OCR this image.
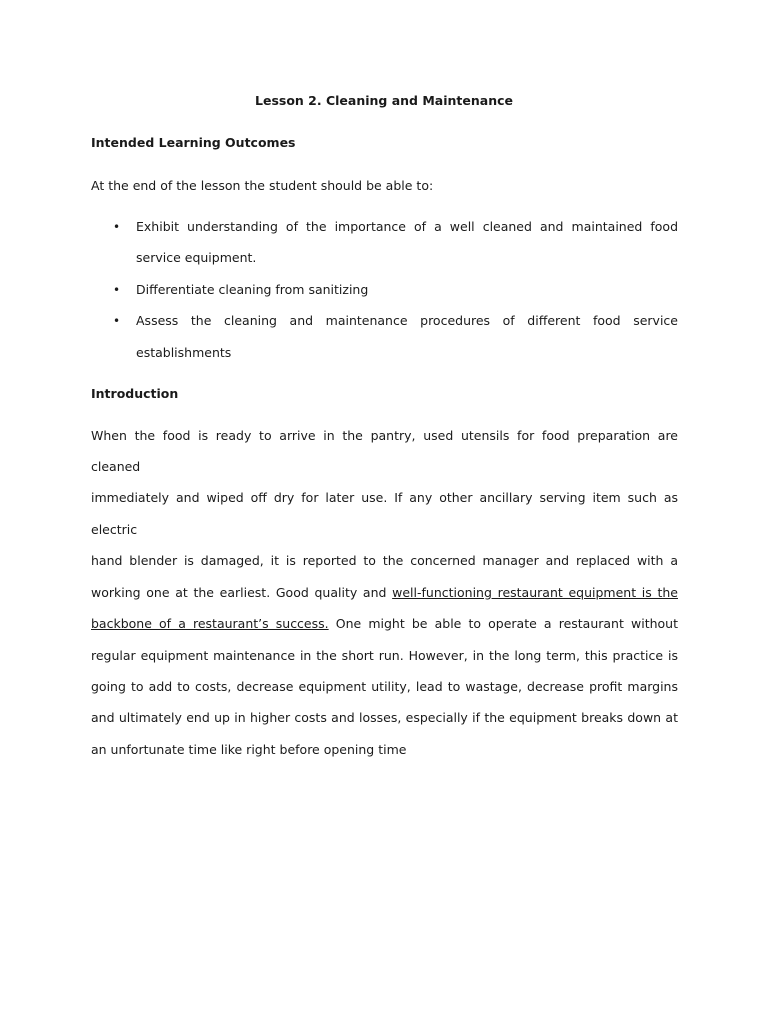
Lesson 2. Cleaning and Maintenance
Intended Learning Outcomes
At the end of the lesson the student should be able to:
• Exhibit understanding of the importance of a well cleaned and maintained food
service equipment.
• Differentiate cleaning from sanitizing
• Assess the cleaning and maintenance procedures of different food service
establishments
Introduction
When the food is ready to arrive in the pantry, used utensils for food preparation are
cleaned
immediately and wiped off dry for later use. If any other ancillary serving item such as
electric
hand blender is damaged, it is reported to the concerned manager and replaced with a
working one at the earliest. Good quality and well-functioning restaurant equipment is the
backbone of a restaurant’s success. One might be able to operate a restaurant without
regular equipment maintenance in the short run. However, in the long term, this practice is
going to add to costs, decrease equipment utility, lead to wastage, decrease profit margins
and ultimately end up in higher costs and losses, especially if the equipment breaks down at
an unfortunate time like right before opening time
